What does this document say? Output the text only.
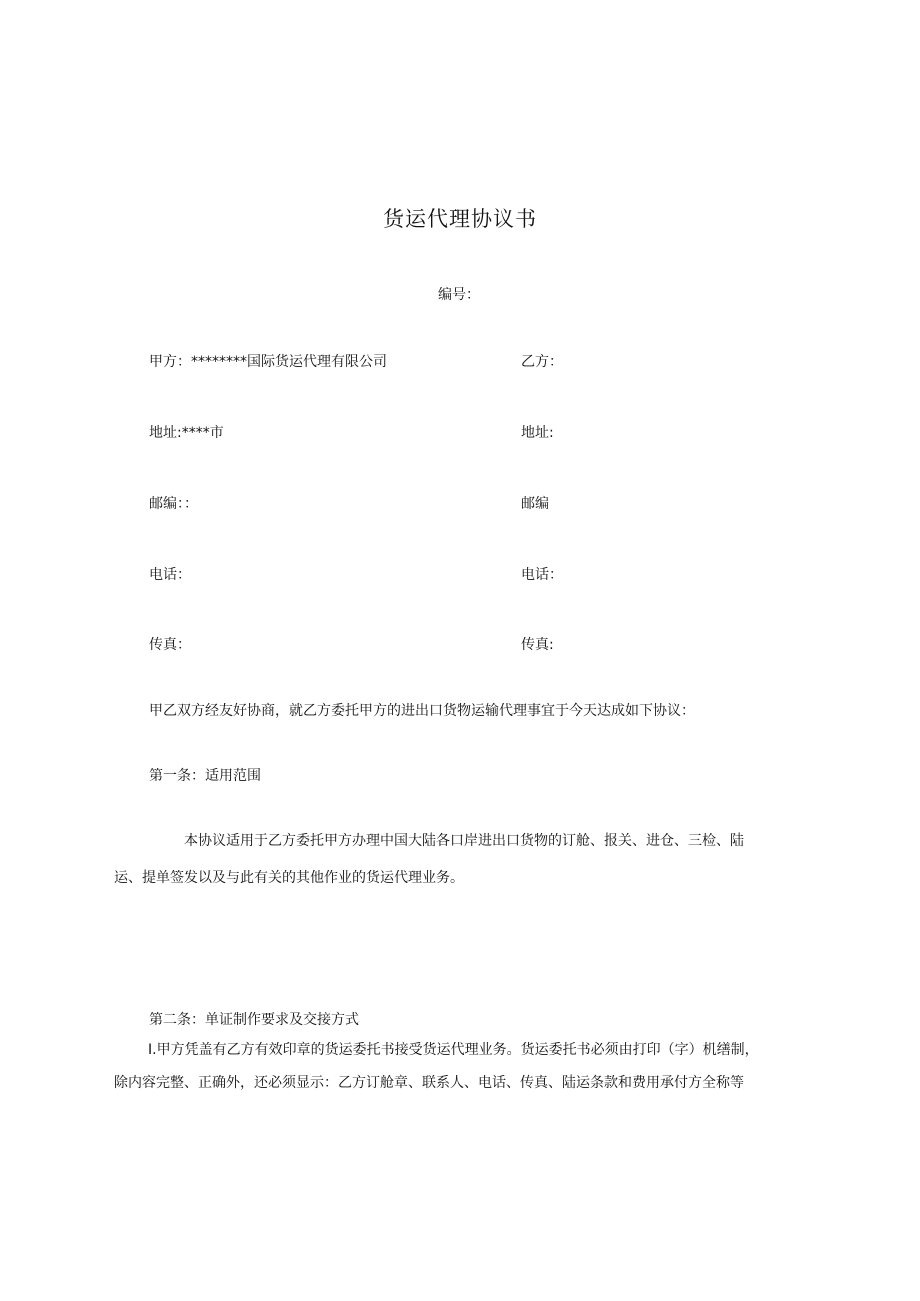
货运代理协议书
编号：
甲方：********国际货运代理有限公司	乙方：
地址:****市	地址:
邮编：：	邮编
电话：	电话：
传真：	传真:
甲乙双方经友好协商，就乙方委托甲方的进出口货物运输代理事宜于今天达成如下协议：
第一条：适用范围
本协议适用于乙方委托甲方办理中国大陆各口岸进出口货物的订舱、报关、进仓、三检、陆
运、提单签发以及与此有关的其他作业的货运代理业务。
第二条：单证制作要求及交接方式
Ⅰ.甲方凭盖有乙方有效印章的货运委托书接受货运代理业务。货运委托书必须由打印（字）机缮制，
除内容完整、正确外，还必须显示：乙方订舱章、联系人、电话、传真、陆运条款和费用承付方全称等
